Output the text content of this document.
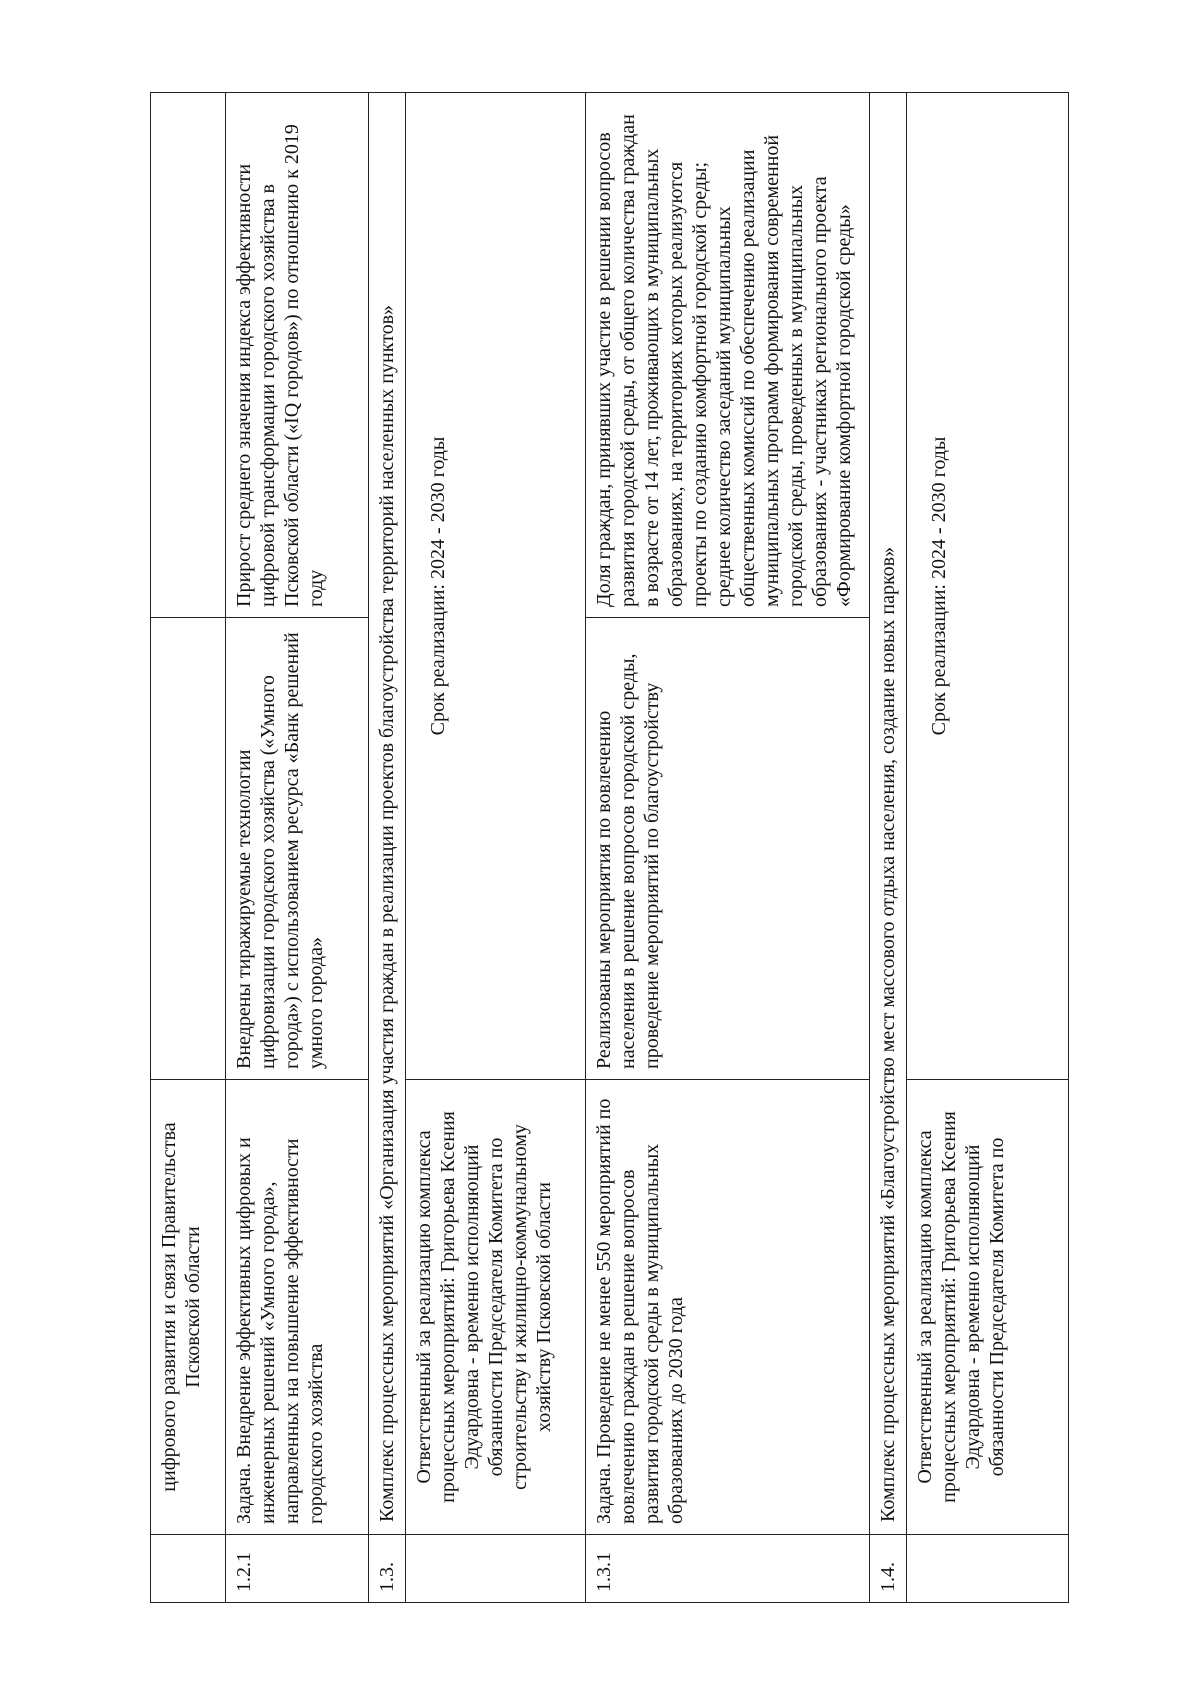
	цифрового развития и связи Правительства Псковской области		
1.2.1	Задача. Внедрение эффективных цифровых и инженерных решений «Умного города», направленных на повышение эффективности городского хозяйства	Внедрены тиражируемые технологии цифровизации городского хозяйства («Умного города») с использованием ресурса «Банк решений умного города»	Прирост среднего значения индекса эффективности цифровой трансформации городского хозяйства в Псковской области («IQ городов») по отношению к 2019 году
1.3.	Комплекс процессных мероприятий «Организация участия граждан в реализации проектов благоустройства территорий населенных пунктов»		
	Ответственный за реализацию комплекса процессных мероприятий: Григорьева Ксения Эдуардовна - временно исполняющий обязанности Председателя Комитета по строительству и жилищно-коммунальному хозяйству Псковской области	Срок реализации: 2024 - 2030 годы	
1.3.1	Задача. Проведение не менее 550 мероприятий по вовлечению граждан в решение вопросов развития городской среды в муниципальных образованиях до 2030 года	Реализованы мероприятия по вовлечению населения в решение вопросов городской среды, проведение мероприятий по благоустройству	Доля граждан, принявших участие в решении вопросов развития городской среды, от общего количества граждан в возрасте от 14 лет, проживающих в муниципальных образованиях, на территориях которых реализуются проекты по созданию комфортной городской среды; среднее количество заседаний муниципальных общественных комиссий по обеспечению реализации муниципальных программ формирования современной городской среды, проведенных в муниципальных образованиях - участниках регионального проекта «Формирование комфортной городской среды»
1.4.	Комплекс процессных мероприятий «Благоустройство мест массового отдыха населения, создание новых парков»		
	Ответственный за реализацию комплекса процессных мероприятий: Григорьева Ксения Эдуардовна - временно исполняющий обязанности Председателя Комитета по	Срок реализации: 2024 - 2030 годы	
